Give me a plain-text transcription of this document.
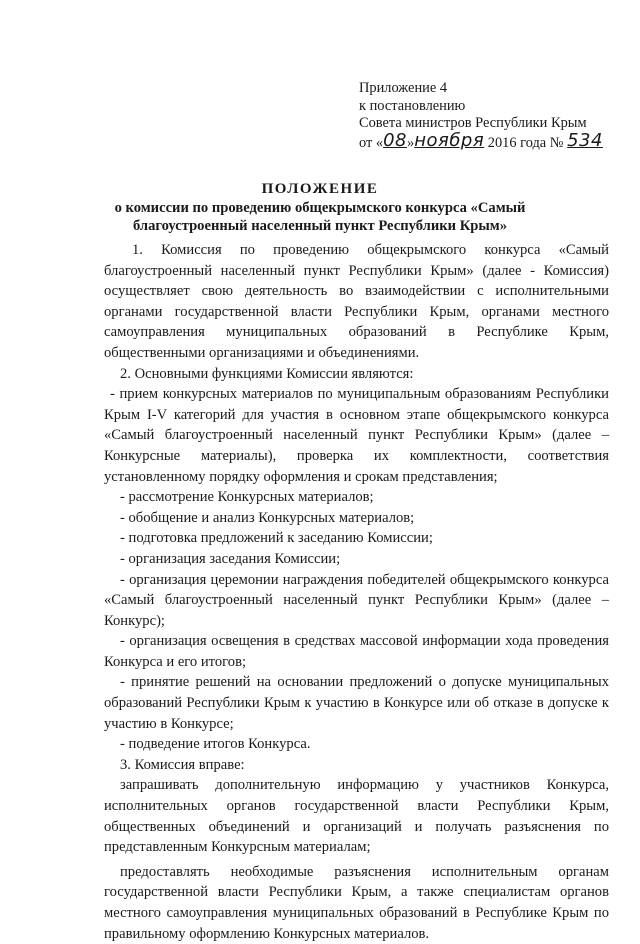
Приложение 4
к постановлению
Совета министров Республики Крым
от «08»ноября 2016 года № 534
ПОЛОЖЕНИЕ
о комиссии по проведению общекрымского конкурса «Самый
благоустроенный населенный пункт Республики Крым»

1. Комиссия по проведению общекрымского конкурса «Самый благоустроенный населенный пункт Республики Крым» (далее - Комиссия) осуществляет свою деятельность во взаимодействии с исполнительными органами государственной власти Республики Крым, органами местного самоуправления муниципальных образований в Республике Крым, общественными организациями и объединениями.

2. Основными функциями Комиссии являются:

- прием конкурсных материалов по муниципальным образованиям Республики Крым I-V категорий для участия в основном этапе общекрымского конкурса «Самый благоустроенный населенный пункт Республики Крым» (далее – Конкурсные материалы), проверка их комплектности, соответствия установленному порядку оформления и срокам представления;

- рассмотрение Конкурсных материалов;

- обобщение и анализ Конкурсных материалов;

- подготовка предложений к заседанию Комиссии;

- организация заседания Комиссии;

- организация церемонии награждения победителей общекрымского конкурса «Самый благоустроенный населенный пункт Республики Крым» (далее – Конкурс);

- организация освещения в средствах массовой информации хода проведения Конкурса и его итогов;

- принятие решений на основании предложений о допуске муниципальных образований Республики Крым к участию в Конкурсе или об отказе в допуске к участию в Конкурсе;

- подведение итогов Конкурса.

3. Комиссия вправе:

запрашивать дополнительную информацию у участников Конкурса, исполнительных органов государственной власти Республики Крым, общественных объединений и организаций и получать разъяснения по представленным Конкурсным материалам;

предоставлять необходимые разъяснения исполнительным органам государственной власти Республики Крым, а также специалистам органов местного самоуправления муниципальных образований в Республике Крым по правильному оформлению Конкурсных материалов.
